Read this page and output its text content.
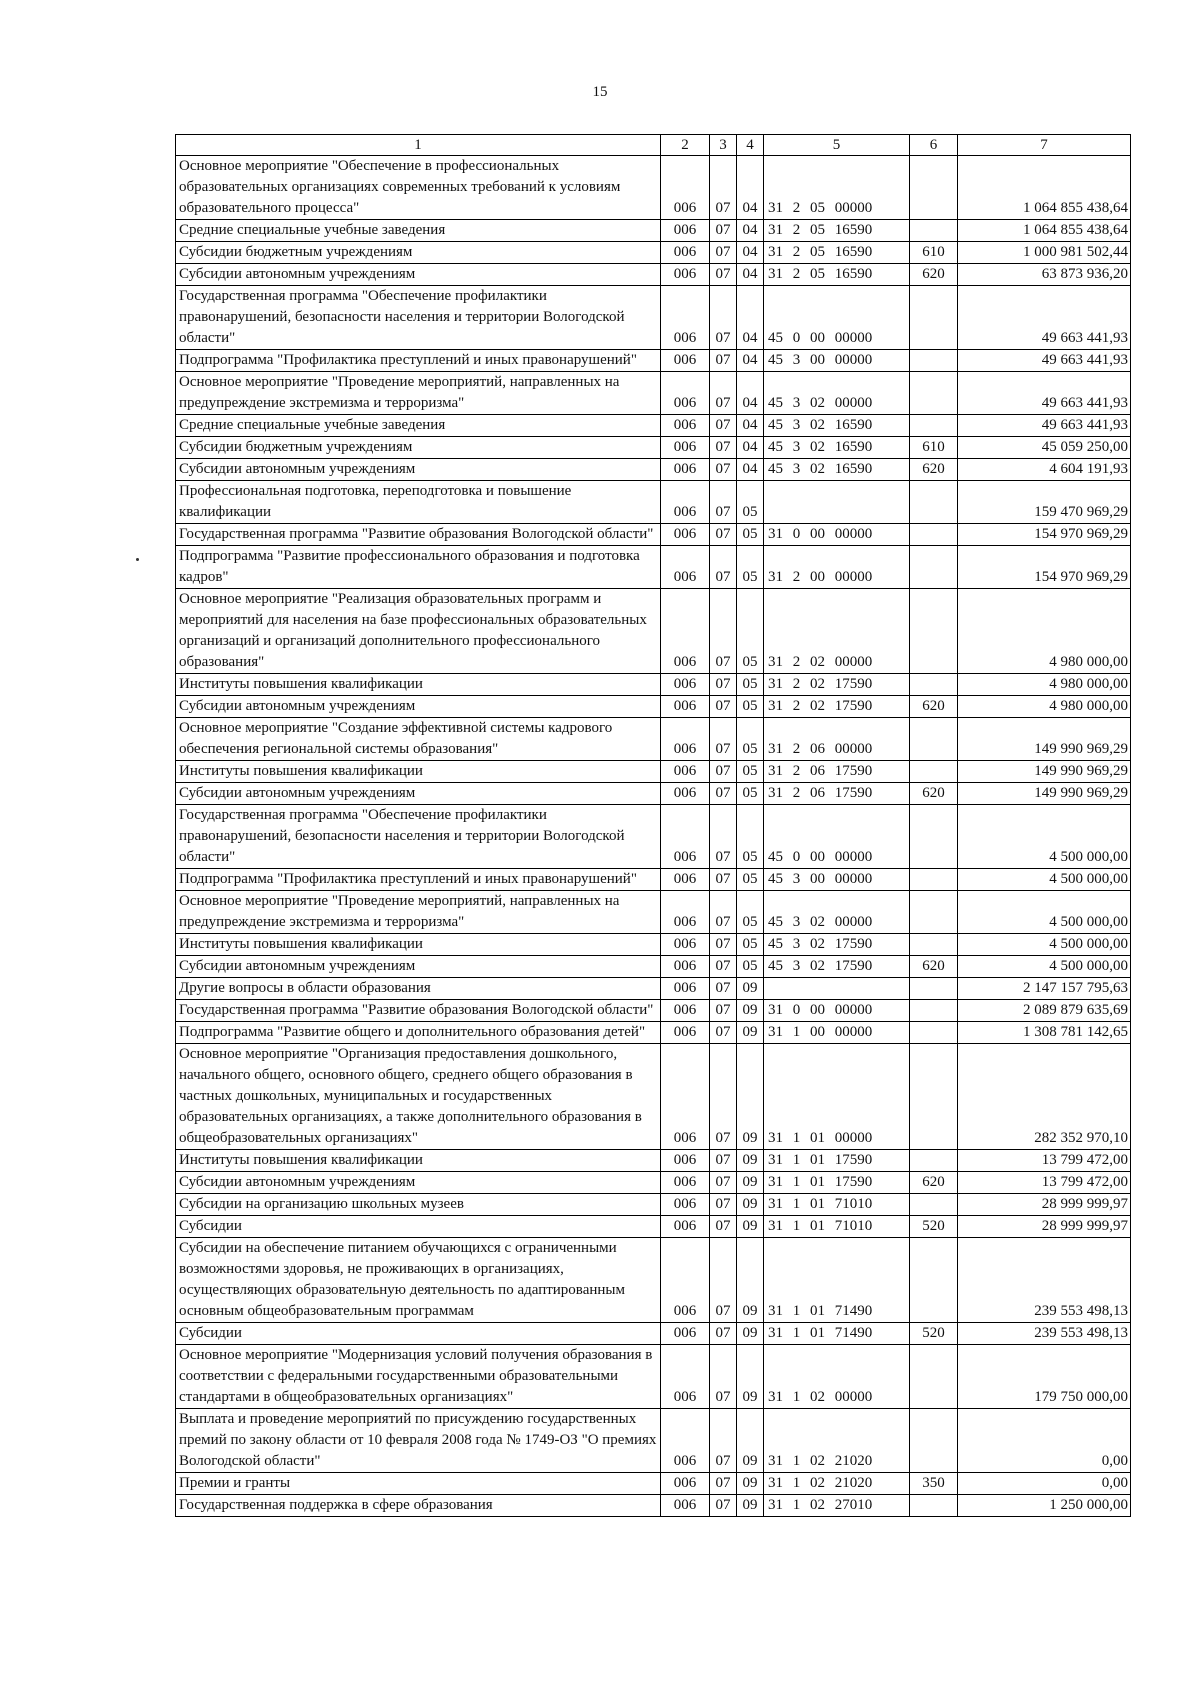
15
1	2	3	4	5	6	7
Основное мероприятие "Обеспечение в профессиональных образовательных организациях современных требований к условиям образовательного процесса"	006	07	04	31 2 05 00000		1 064 855 438,64
Средние специальные учебные заведения	006	07	04	31 2 05 16590		1 064 855 438,64
Субсидии бюджетным учреждениям	006	07	04	31 2 05 16590	610	1 000 981 502,44
Субсидии автономным учреждениям	006	07	04	31 2 05 16590	620	63 873 936,20
Государственная программа "Обеспечение профилактики правонарушений, безопасности населения и территории Вологодской области"	006	07	04	45 0 00 00000		49 663 441,93
Подпрограмма "Профилактика преступлений и иных правонарушений"	006	07	04	45 3 00 00000		49 663 441,93
Основное мероприятие "Проведение мероприятий, направленных на предупреждение экстремизма и терроризма"	006	07	04	45 3 02 00000		49 663 441,93
Средние специальные учебные заведения	006	07	04	45 3 02 16590		49 663 441,93
Субсидии бюджетным учреждениям	006	07	04	45 3 02 16590	610	45 059 250,00
Субсидии автономным учреждениям	006	07	04	45 3 02 16590	620	4 604 191,93
Профессиональная подготовка, переподготовка и повышение квалификации	006	07	05			159 470 969,29
Государственная программа "Развитие образования Вологодской области"	006	07	05	31 0 00 00000		154 970 969,29
Подпрограмма "Развитие профессионального образования и подготовка кадров"	006	07	05	31 2 00 00000		154 970 969,29
Основное мероприятие "Реализация образовательных программ и мероприятий для населения на базе профессиональных образовательных организаций и организаций дополнительного профессионального образования"	006	07	05	31 2 02 00000		4 980 000,00
Институты повышения квалификации	006	07	05	31 2 02 17590		4 980 000,00
Субсидии автономным учреждениям	006	07	05	31 2 02 17590	620	4 980 000,00
Основное мероприятие "Создание эффективной системы кадрового обеспечения региональной системы образования"	006	07	05	31 2 06 00000		149 990 969,29
Институты повышения квалификации	006	07	05	31 2 06 17590		149 990 969,29
Субсидии автономным учреждениям	006	07	05	31 2 06 17590	620	149 990 969,29
Государственная программа "Обеспечение профилактики правонарушений, безопасности населения и территории Вологодской области"	006	07	05	45 0 00 00000		4 500 000,00
Подпрограмма "Профилактика преступлений и иных правонарушений"	006	07	05	45 3 00 00000		4 500 000,00
Основное мероприятие "Проведение мероприятий, направленных на предупреждение экстремизма и терроризма"	006	07	05	45 3 02 00000		4 500 000,00
Институты повышения квалификации	006	07	05	45 3 02 17590		4 500 000,00
Субсидии автономным учреждениям	006	07	05	45 3 02 17590	620	4 500 000,00
Другие вопросы в области образования	006	07	09			2 147 157 795,63
Государственная программа "Развитие образования Вологодской области"	006	07	09	31 0 00 00000		2 089 879 635,69
Подпрограмма "Развитие общего и дополнительного образования детей"	006	07	09	31 1 00 00000		1 308 781 142,65
Основное мероприятие "Организация предоставления дошкольного, начального общего, основного общего, среднего общего образования в частных дошкольных, муниципальных и государственных образовательных организациях, а также дополнительного образования в общеобразовательных организациях"	006	07	09	31 1 01 00000		282 352 970,10
Институты повышения квалификации	006	07	09	31 1 01 17590		13 799 472,00
Субсидии автономным учреждениям	006	07	09	31 1 01 17590	620	13 799 472,00
Субсидии на организацию школьных музеев	006	07	09	31 1 01 71010		28 999 999,97
Субсидии	006	07	09	31 1 01 71010	520	28 999 999,97
Субсидии на обеспечение питанием обучающихся с ограниченными возможностями здоровья, не проживающих в организациях, осуществляющих образовательную деятельность по адаптированным основным общеобразовательным программам	006	07	09	31 1 01 71490		239 553 498,13
Субсидии	006	07	09	31 1 01 71490	520	239 553 498,13
Основное мероприятие "Модернизация условий получения образования в соответствии с федеральными государственными образовательными стандартами в общеобразовательных организациях"	006	07	09	31 1 02 00000		179 750 000,00
Выплата и проведение мероприятий по присуждению государственных премий по закону области от 10 февраля 2008 года № 1749-ОЗ "О премиях Вологодской области"	006	07	09	31 1 02 21020		0,00
Премии и гранты	006	07	09	31 1 02 21020	350	0,00
Государственная поддержка в сфере образования	006	07	09	31 1 02 27010		1 250 000,00
